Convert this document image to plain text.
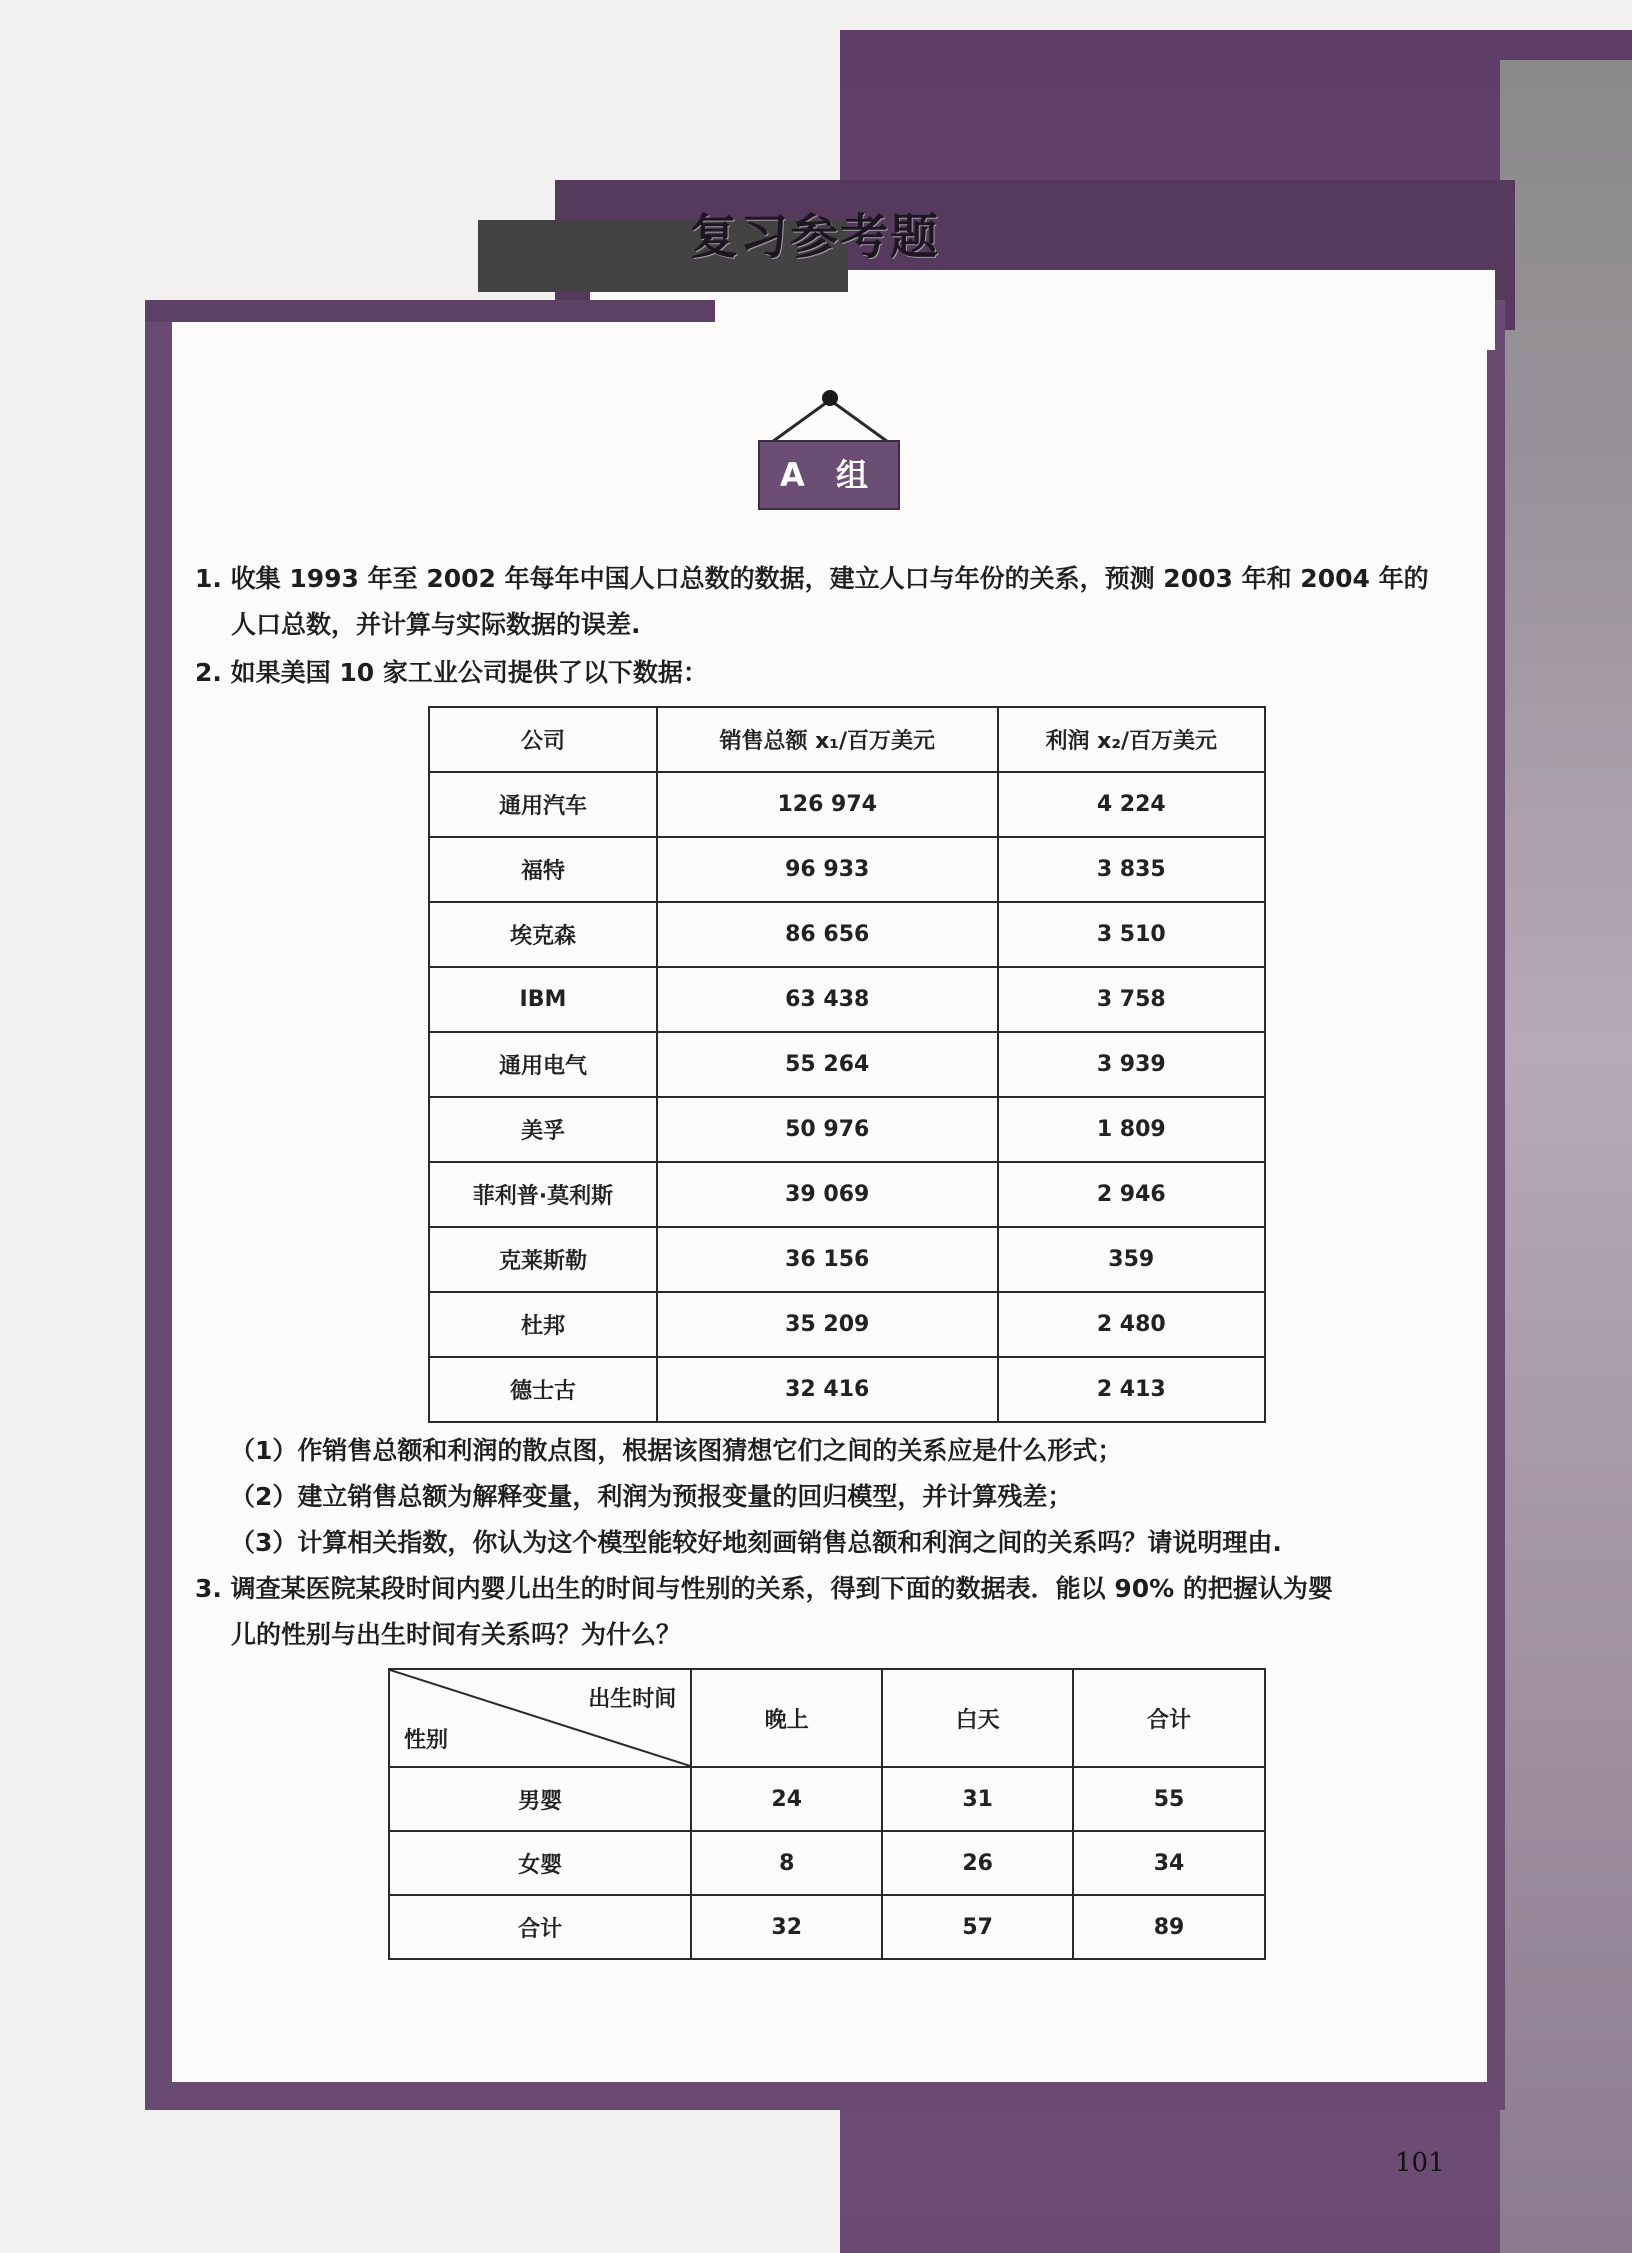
复习参考题
A 组
1. 收集 1993 年至 2002 年每年中国人口总数的数据，建立人口与年份的关系，预测 2003 年和 2004 年的
人口总数，并计算与实际数据的误差.
2. 如果美国 10 家工业公司提供了以下数据：
公司	销售总额 x₁/百万美元	利润 x₂/百万美元
通用汽车	126 974	4 224
福特	96 933	3 835
埃克森	86 656	3 510
IBM	63 438	3 758
通用电气	55 264	3 939
美孚	50 976	1 809
菲利普·莫利斯	39 069	2 946
克莱斯勒	36 156	359
杜邦	35 209	2 480
德士古	32 416	2 413
（1）作销售总额和利润的散点图，根据该图猜想它们之间的关系应是什么形式；
（2）建立销售总额为解释变量，利润为预报变量的回归模型，并计算残差；
（3）计算相关指数，你认为这个模型能较好地刻画销售总额和利润之间的关系吗？请说明理由.
3. 调查某医院某段时间内婴儿出生的时间与性别的关系，得到下面的数据表．能以 90% 的把握认为婴
儿的性别与出生时间有关系吗？为什么？
出生时间
性别	晚上	白天	合计
男婴	24	31	55
女婴	8	26	34
合计	32	57	89
101
